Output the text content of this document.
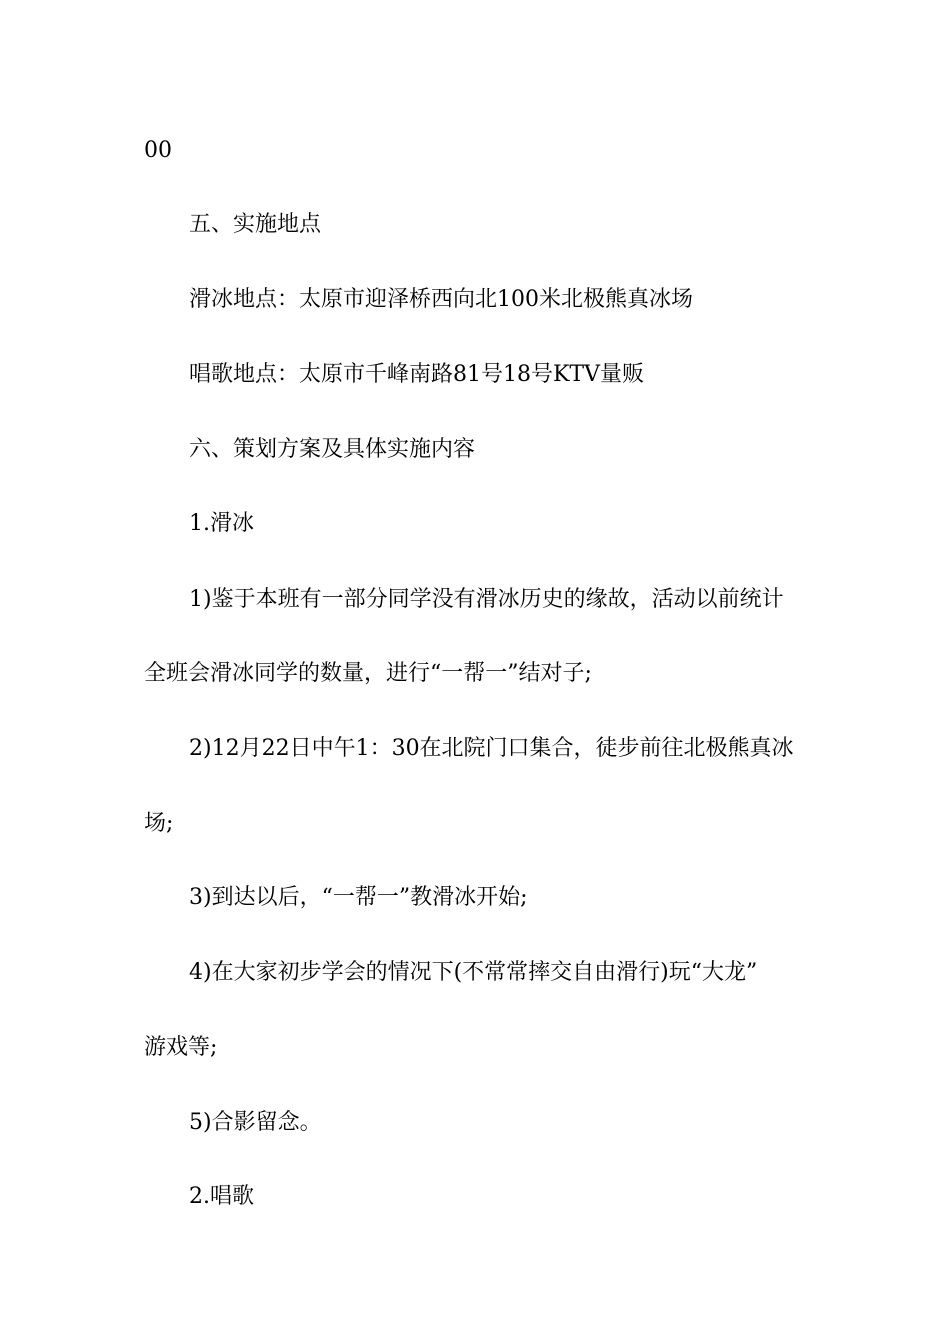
00
五、实施地点
滑冰地点：太原市迎泽桥西向北100米北极熊真冰场
唱歌地点：太原市千峰南路81号18号KTV量贩
六、策划方案及具体实施内容
1.滑冰
1)鉴于本班有一部分同学没有滑冰历史的缘故，活动以前统计
全班会滑冰同学的数量，进行“一帮一”结对子;
2)12月22日中午1：30在北院门口集合，徒步前往北极熊真冰
场;
3)到达以后，“一帮一”教滑冰开始;
4)在大家初步学会的情况下(不常常摔交自由滑行)玩“大龙”
游戏等;
5)合影留念。
2.唱歌
